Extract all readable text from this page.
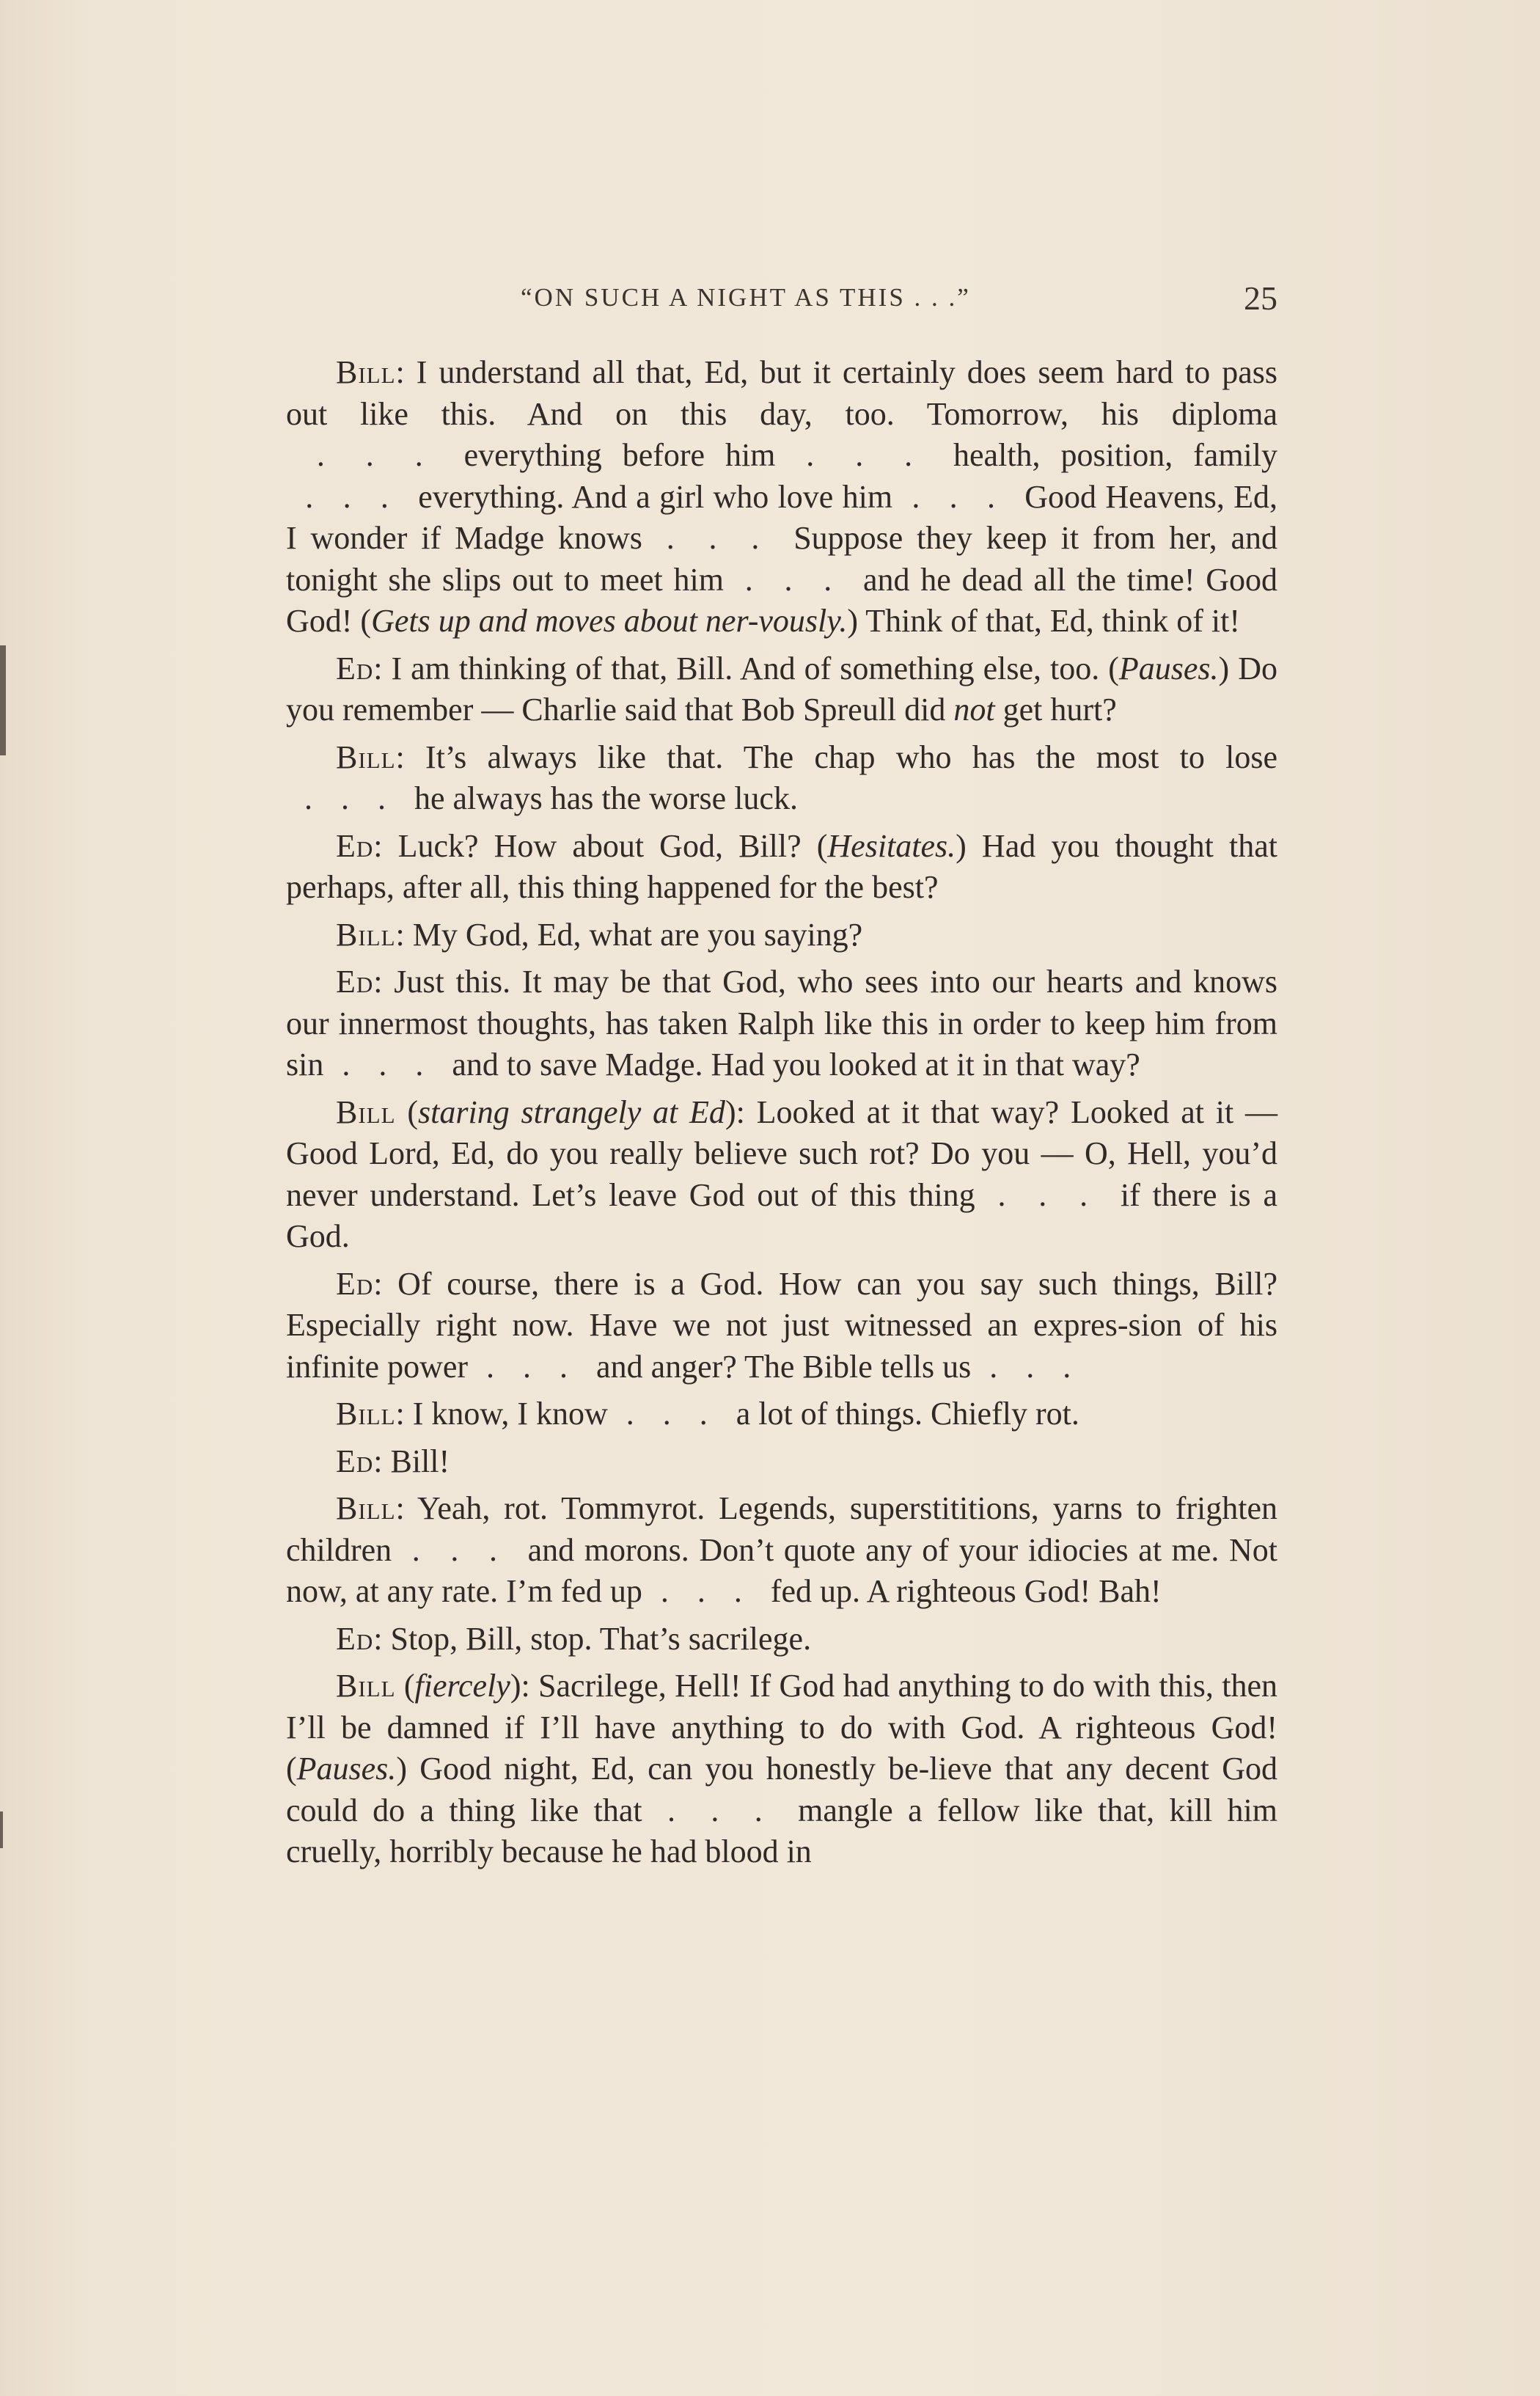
“ON SUCH A NIGHT AS THIS . . .”	25

Bill: I understand all that, Ed, but it certainly does seem hard to pass out like this. And on this day, too. Tomorrow, his diploma . . . everything before him . . . health, position, family . . . everything. And a girl who love him . . . Good Heavens, Ed, I wonder if Madge knows . . . Suppose they keep it from her, and tonight she slips out to meet him . . . and he dead all the time! Good God! (Gets up and moves about ner-vously.) Think of that, Ed, think of it!

Ed: I am thinking of that, Bill. And of something else, too. (Pauses.) Do you remember — Charlie said that Bob Spreull did not get hurt?

Bill: It’s always like that. The chap who has the most to lose . . . he always has the worse luck.

Ed: Luck? How about God, Bill? (Hesitates.) Had you thought that perhaps, after all, this thing happened for the best?

Bill: My God, Ed, what are you saying?

Ed: Just this. It may be that God, who sees into our hearts and knows our innermost thoughts, has taken Ralph like this in order to keep him from sin . . . and to save Madge. Had you looked at it in that way?

Bill (staring strangely at Ed): Looked at it that way? Looked at it — Good Lord, Ed, do you really believe such rot? Do you — O, Hell, you’d never understand. Let’s leave God out of this thing . . . if there is a God.

Ed: Of course, there is a God. How can you say such things, Bill? Especially right now. Have we not just witnessed an expres-sion of his infinite power . . . and anger? The Bible tells us . . .

Bill: I know, I know . . . a lot of things. Chiefly rot.

Ed: Bill!

Bill: Yeah, rot. Tommyrot. Legends, superstititions, yarns to frighten children . . . and morons. Don’t quote any of your idiocies at me. Not now, at any rate. I’m fed up . . . fed up. A righteous God! Bah!

Ed: Stop, Bill, stop. That’s sacrilege.

Bill (fiercely): Sacrilege, Hell! If God had anything to do with this, then I’ll be damned if I’ll have anything to do with God. A righteous God! (Pauses.) Good night, Ed, can you honestly be-lieve that any decent God could do a thing like that . . . mangle a fellow like that, kill him cruelly, horribly because he had blood in
